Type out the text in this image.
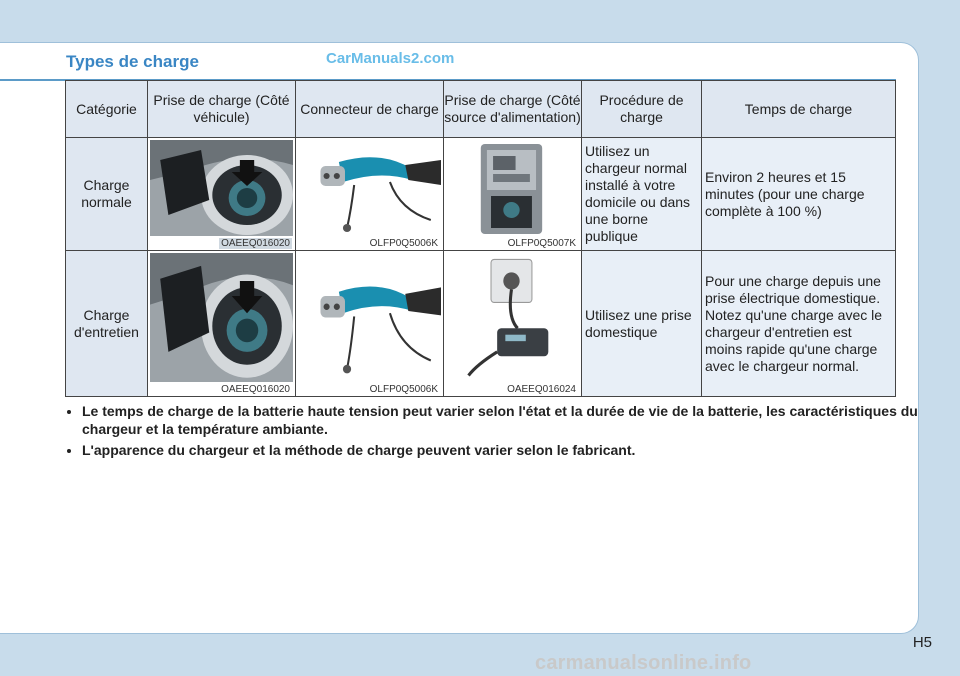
Types de charge	CarManuals2.com
Catégorie	Prise de charge (Côté véhicule)	Connecteur de charge	Prise de charge (Côté source d'alimentation)	Procédure de charge	Temps de charge
Charge normale	OAEEQ016020	OLFP0Q5006K	OLFP0Q5007K	Utilisez un chargeur normal installé à votre domicile ou dans une borne publique	Environ 2 heures et 15 minutes (pour une charge complète à 100 %)
Charge d'entretien	OAEEQ016020	OLFP0Q5006K	OAEEQ016024	Utilisez une prise domestique	Pour une charge depuis une prise électrique domestique. Notez qu'une charge avec le chargeur d'entretien est moins rapide qu'une charge avec le chargeur normal.
• Le temps de charge de la batterie haute tension peut varier selon l'état et la durée de vie de la batterie, les caractéristiques du chargeur et la température ambiante.
• L'apparence du chargeur et la méthode de charge peuvent varier selon le fabricant.
H5
carmanualsonline.info
